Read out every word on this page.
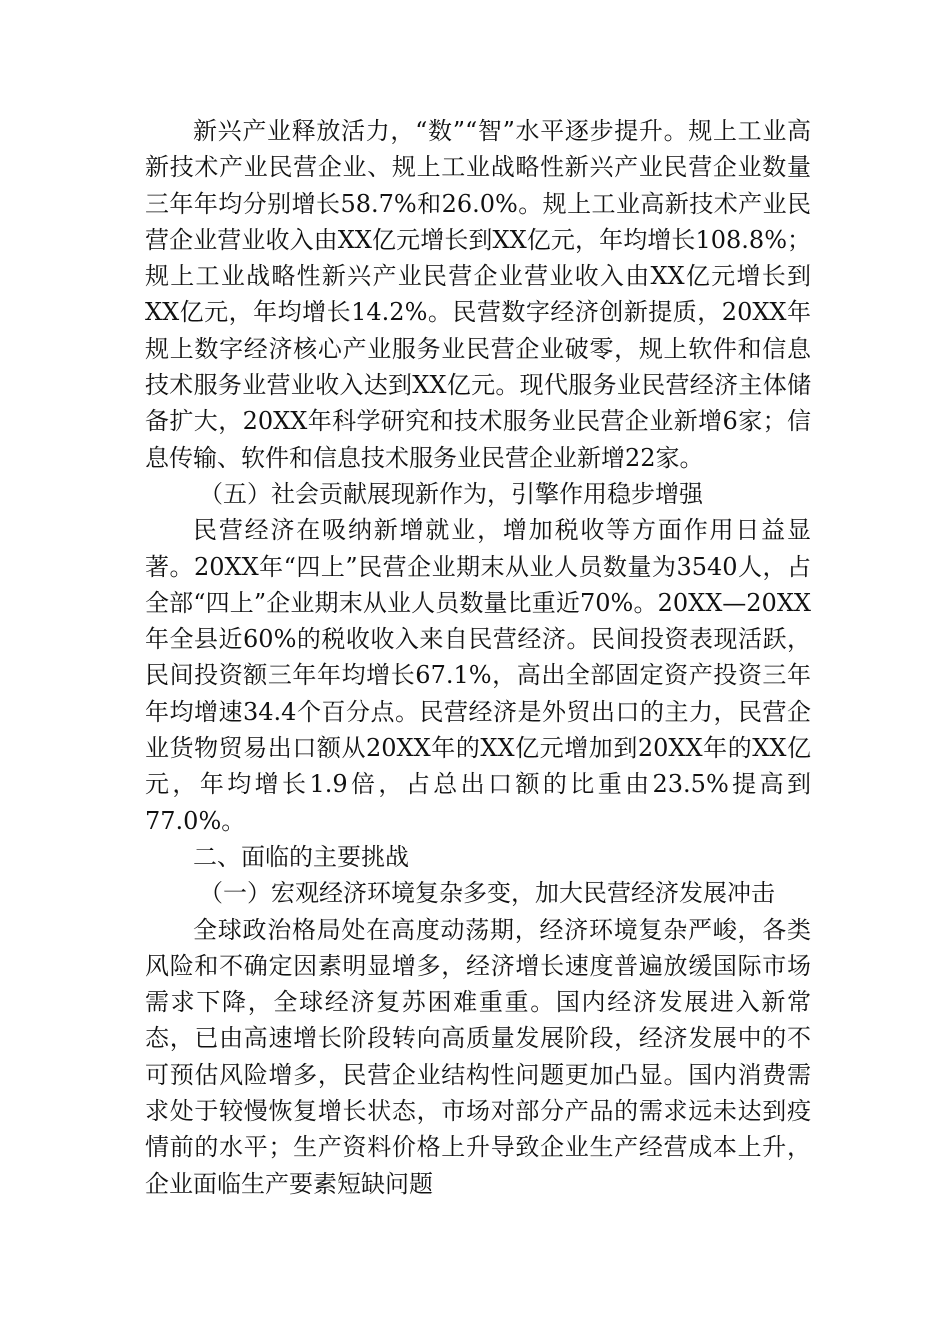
新兴产业释放活力，“数”“智”水平逐步提升。规上工业高新技术产业民营企业、规上工业战略性新兴产业民营企业数量三年年均分别增长58.7%和26.0%。规上工业高新技术产业民营企业营业收入由XX亿元增长到XX亿元，年均增长108.8%；规上工业战略性新兴产业民营企业营业收入由XX亿元增长到XX亿元，年均增长14.2%。民营数字经济创新提质，20XX年规上数字经济核心产业服务业民营企业破零，规上软件和信息技术服务业营业收入达到XX亿元。现代服务业民营经济主体储备扩大，20XX年科学研究和技术服务业民营企业新增6家；信息传输、软件和信息技术服务业民营企业新增22家。

（五）社会贡献展现新作为，引擎作用稳步增强

民营经济在吸纳新增就业，增加税收等方面作用日益显著。20XX年“四上”民营企业期末从业人员数量为3540人，占全部“四上”企业期末从业人员数量比重近70%。20XX—20XX年全县近60%的税收收入来自民营经济。民间投资表现活跃，民间投资额三年年均增长67.1%，高出全部固定资产投资三年年均增速34.4个百分点。民营经济是外贸出口的主力，民营企业货物贸易出口额从20XX年的XX亿元增加到20XX年的XX亿元，年均增长1.9倍，占总出口额的比重由23.5%提高到77.0%。

二、面临的主要挑战

（一）宏观经济环境复杂多变，加大民营经济发展冲击

全球政治格局处在高度动荡期，经济环境复杂严峻，各类风险和不确定因素明显增多，经济增长速度普遍放缓国际市场需求下降，全球经济复苏困难重重。国内经济发展进入新常态，已由高速增长阶段转向高质量发展阶段，经济发展中的不可预估风险增多，民营企业结构性问题更加凸显。国内消费需求处于较慢恢复增长状态，市场对部分产品的需求远未达到疫情前的水平；生产资料价格上升导致企业生产经营成本上升，企业面临生产要素短缺问题
